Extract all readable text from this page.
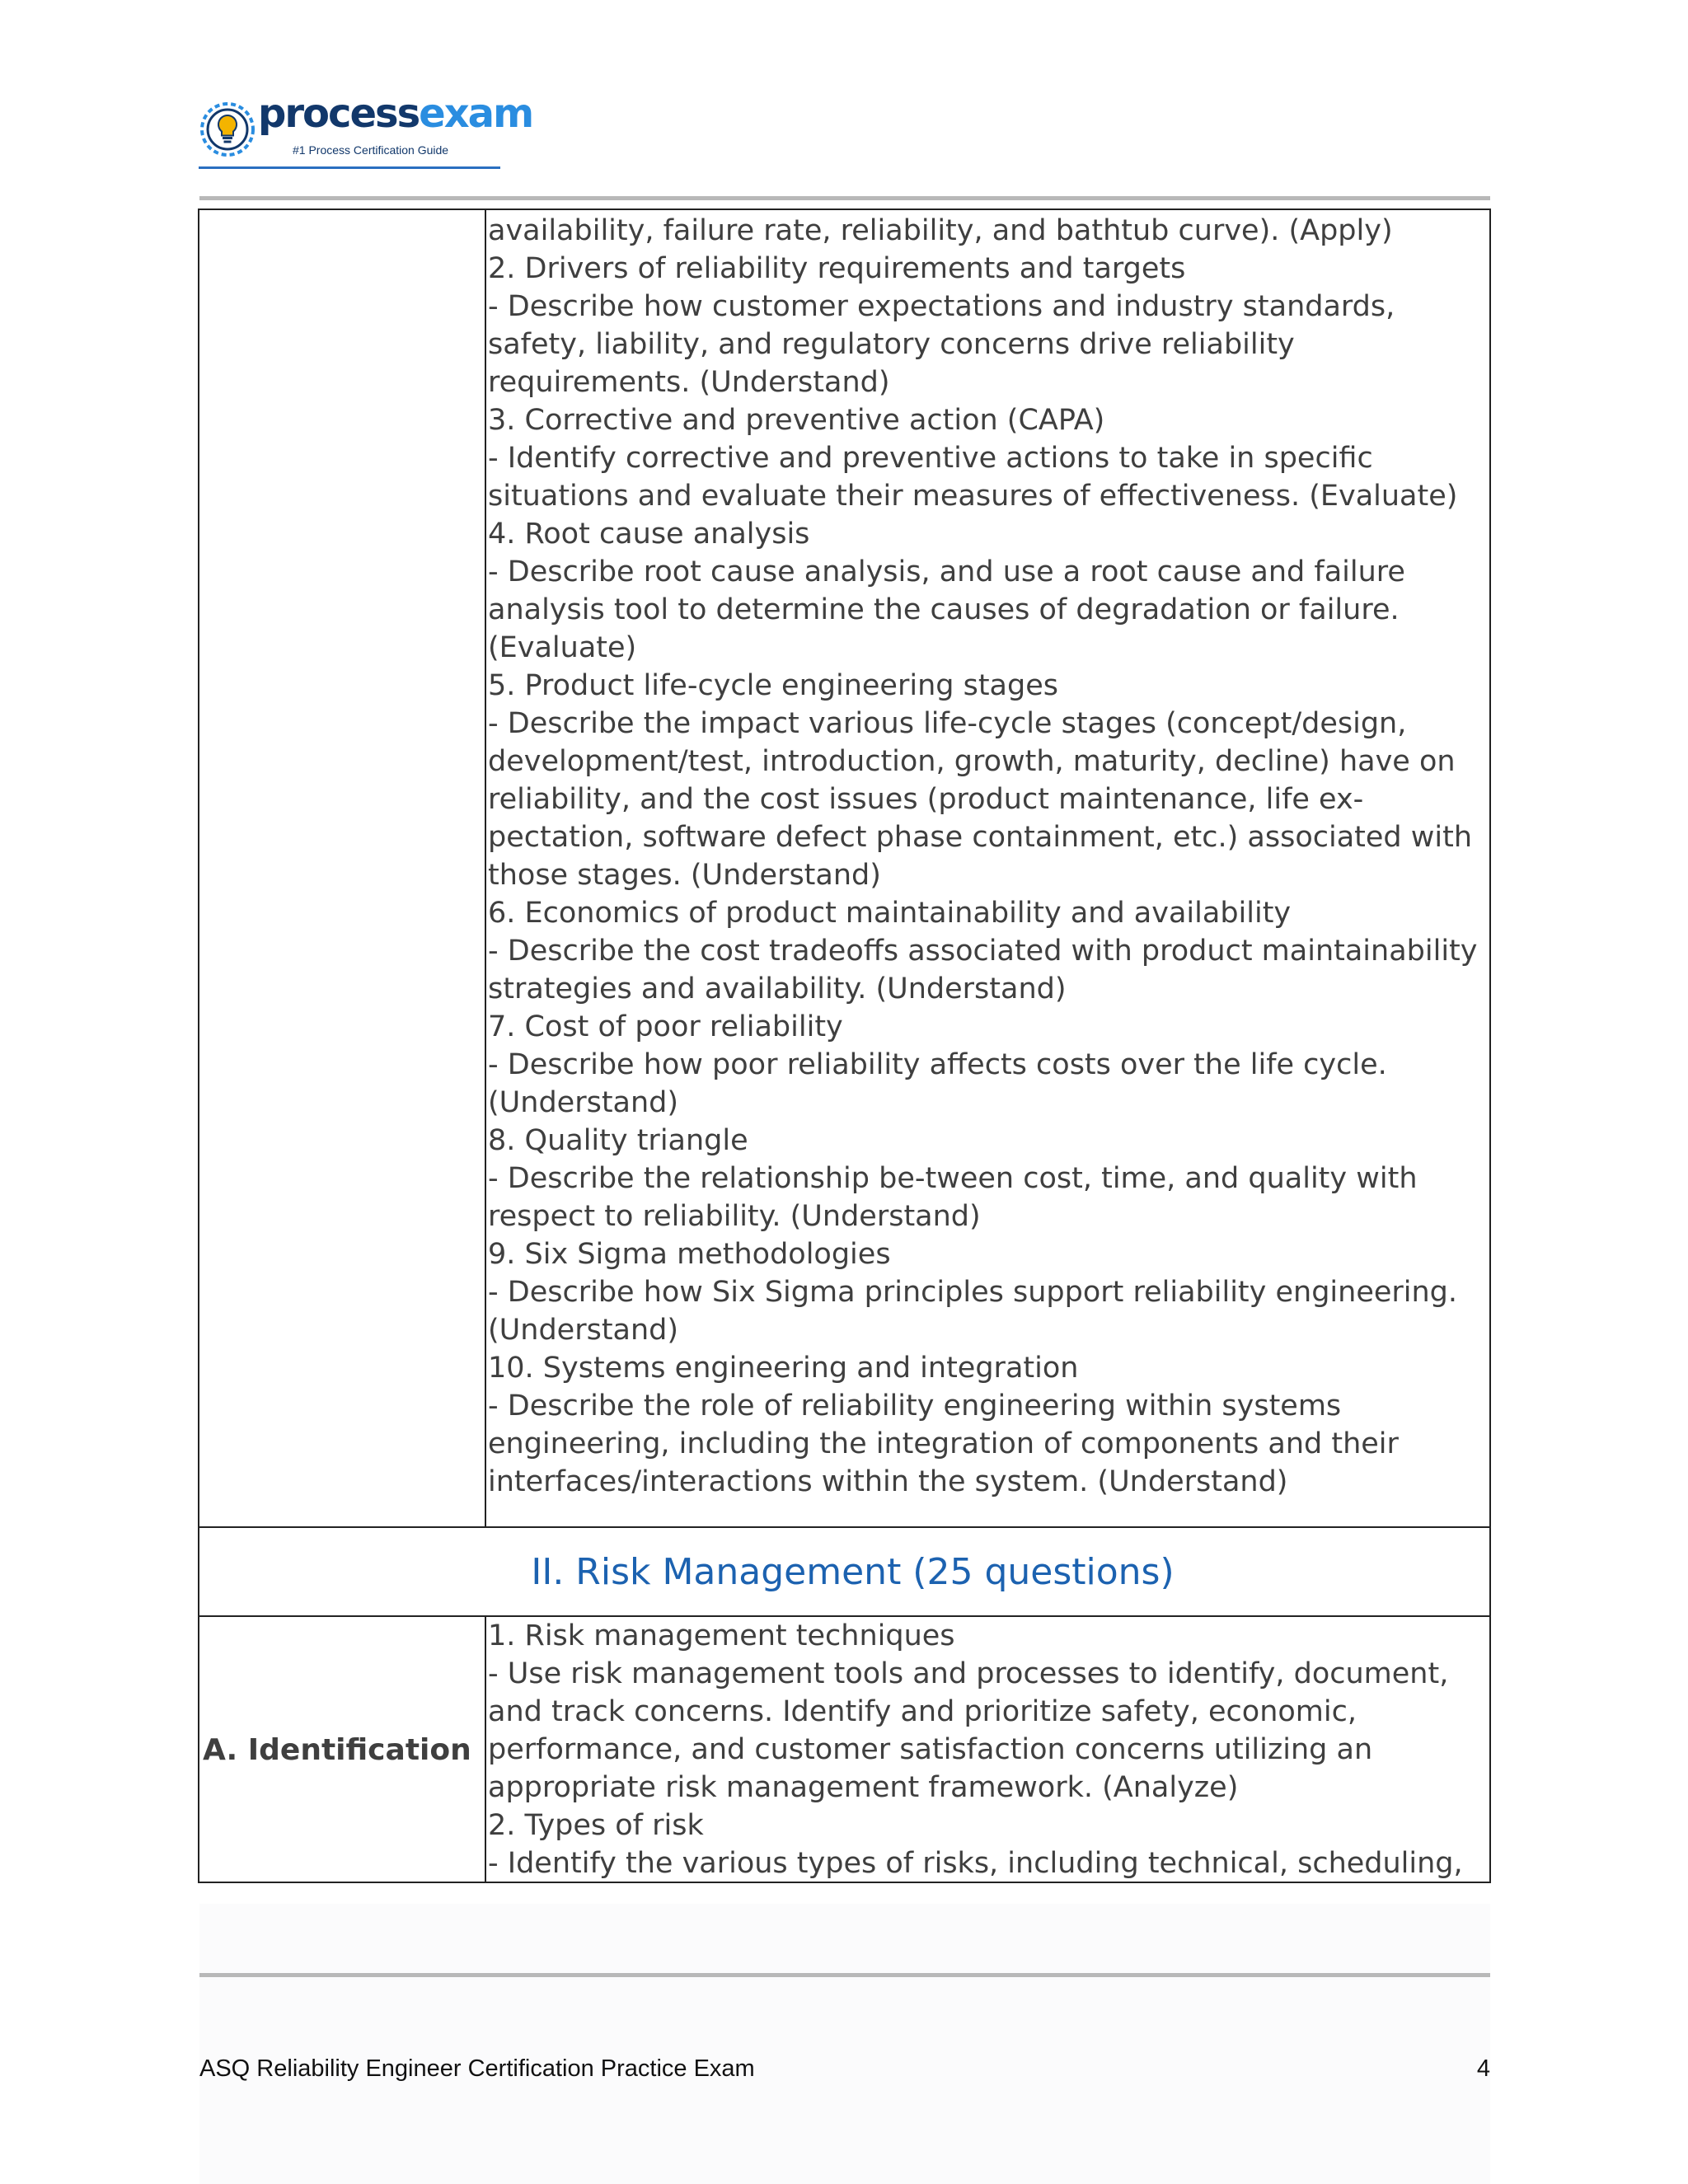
processexam
#1 Process Certification Guide
availability, failure rate, reliability, and bathtub curve). (Apply)
2. Drivers of reliability requirements and targets
- Describe how customer expectations and industry standards,
safety, liability, and regulatory concerns drive reliability
requirements. (Understand)
3. Corrective and preventive action (CAPA)
- Identify corrective and preventive actions to take in specific
situations and evaluate their measures of effectiveness. (Evaluate)
4. Root cause analysis
- Describe root cause analysis, and use a root cause and failure
analysis tool to determine the causes of degradation or failure.
(Evaluate)
5. Product life-cycle engineering stages
- Describe the impact various life-cycle stages (concept/design,
development/test, introduction, growth, maturity, decline) have on
reliability, and the cost issues (product maintenance, life ex-
pectation, software defect phase containment, etc.) associated with
those stages. (Understand)
6. Economics of product maintainability and availability
- Describe the cost tradeoffs associated with product maintainability
strategies and availability. (Understand)
7. Cost of poor reliability
- Describe how poor reliability affects costs over the life cycle.
(Understand)
8. Quality triangle
- Describe the relationship be-tween cost, time, and quality with
respect to reliability. (Understand)
9. Six Sigma methodologies
- Describe how Six Sigma principles support reliability engineering.
(Understand)
10. Systems engineering and integration
- Describe the role of reliability engineering within systems
engineering, including the integration of components and their
interfaces/interactions within the system. (Understand)
II. Risk Management (25 questions)
A. Identification
1. Risk management techniques
- Use risk management tools and processes to identify, document,
and track concerns. Identify and prioritize safety, economic,
performance, and customer satisfaction concerns utilizing an
appropriate risk management framework. (Analyze)
2. Types of risk
- Identify the various types of risks, including technical, scheduling,
ASQ Reliability Engineer Certification Practice Exam	4
